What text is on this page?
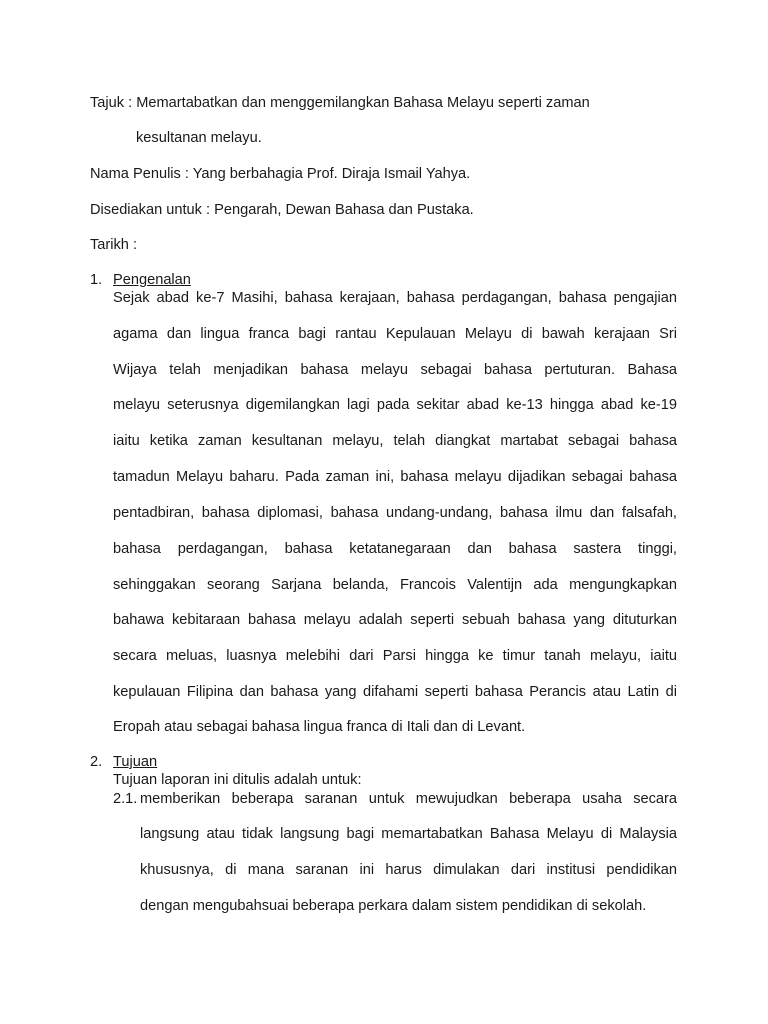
Tajuk : Memartabatkan dan menggemilangkan Bahasa Melayu seperti zaman
kesultanan melayu.
Nama Penulis : Yang berbahagia Prof. Diraja Ismail Yahya.
Disediakan untuk : Pengarah, Dewan Bahasa dan Pustaka.
Tarikh :
1. Pengenalan
Sejak abad ke-7 Masihi, bahasa kerajaan, bahasa perdagangan, bahasa pengajian
agama dan lingua franca bagi rantau Kepulauan Melayu di bawah kerajaan Sri
Wijaya telah menjadikan bahasa melayu sebagai bahasa pertuturan. Bahasa
melayu seterusnya digemilangkan lagi pada sekitar abad ke-13 hingga abad ke-19
iaitu ketika zaman kesultanan melayu, telah diangkat martabat sebagai bahasa
tamadun Melayu baharu. Pada zaman ini, bahasa melayu dijadikan sebagai bahasa
pentadbiran, bahasa diplomasi, bahasa undang-undang, bahasa ilmu dan falsafah,
bahasa perdagangan, bahasa ketatanegaraan dan bahasa sastera tinggi,
sehinggakan seorang Sarjana belanda, Francois Valentijn ada mengungkapkan
bahawa kebitaraan bahasa melayu adalah seperti sebuah bahasa yang dituturkan
secara meluas, luasnya melebihi dari Parsi hingga ke timur tanah melayu, iaitu
kepulauan Filipina dan bahasa yang difahami seperti bahasa Perancis atau Latin di
Eropah atau sebagai bahasa lingua franca di Itali dan di Levant.
2. Tujuan
Tujuan laporan ini ditulis adalah untuk:
2.1. memberikan beberapa saranan untuk mewujudkan beberapa usaha secara
langsung atau tidak langsung bagi memartabatkan Bahasa Melayu di Malaysia
khususnya, di mana saranan ini harus dimulakan dari institusi pendidikan
dengan mengubahsuai beberapa perkara dalam sistem pendidikan di sekolah.
